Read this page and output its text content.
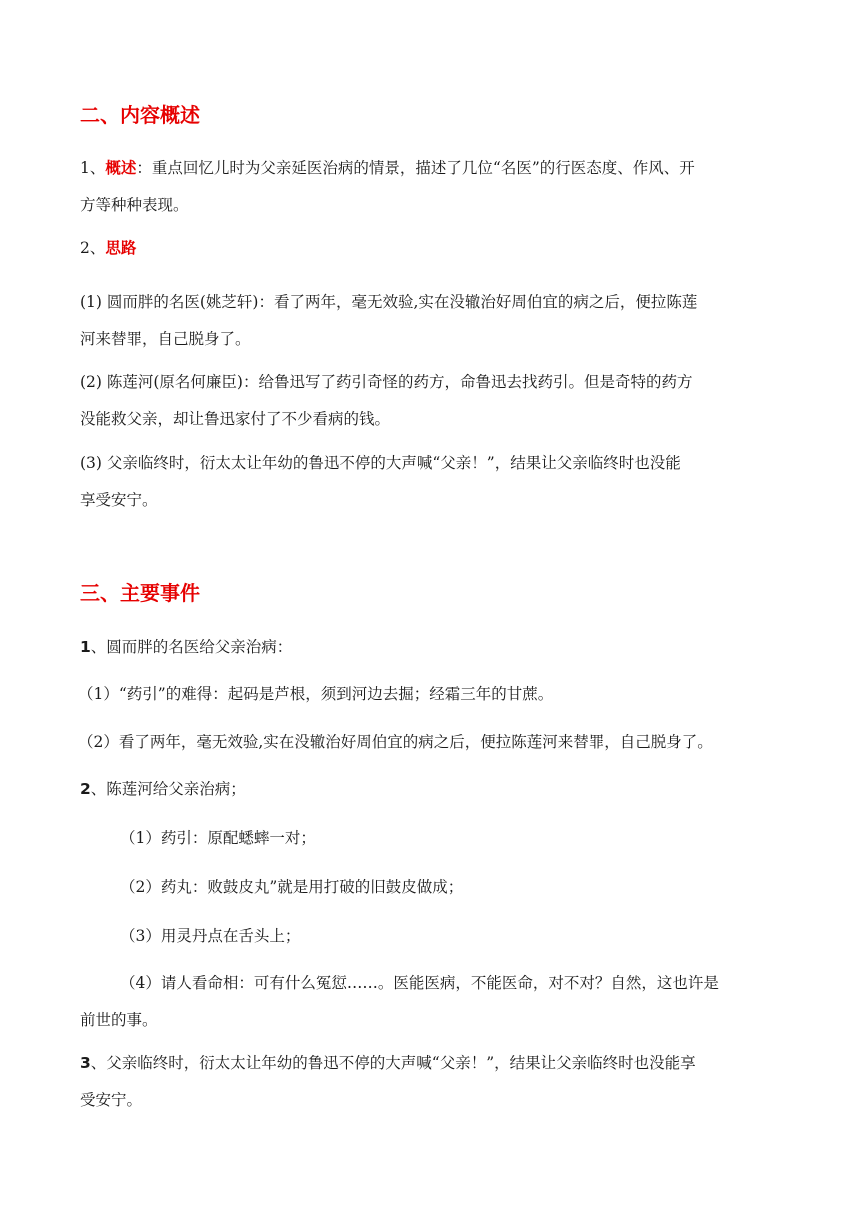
二、内容概述
1、概述：重点回忆儿时为父亲延医治病的情景，描述了几位“名医”的行医态度、作风、开
方等种种表现。
2、思路
(1) 圆而胖的名医(姚芝轩)：看了两年，毫无效验,实在没辙治好周伯宜的病之后，便拉陈莲
河来替罪，自己脱身了。
(2) 陈莲河(原名何廉臣)：给鲁迅写了药引奇怪的药方，命鲁迅去找药引。但是奇特的药方
没能救父亲，却让鲁迅家付了不少看病的钱。
(3) 父亲临终时，衍太太让年幼的鲁迅不停的大声喊“父亲！”，结果让父亲临终时也没能
享受安宁。
三、主要事件
1、圆而胖的名医给父亲治病：
（1）“药引”的难得：起码是芦根，须到河边去掘；经霜三年的甘蔗。
（2）看了两年，毫无效验,实在没辙治好周伯宜的病之后，便拉陈莲河来替罪，自己脱身了。
2、陈莲河给父亲治病；
（1）药引：原配蟋蟀一对；
（2）药丸：败鼓皮丸”就是用打破的旧鼓皮做成；
（3）用灵丹点在舌头上；
（4）请人看命相：可有什么冤愆……。医能医病，不能医命，对不对？自然，这也许是
前世的事。
3、父亲临终时，衍太太让年幼的鲁迅不停的大声喊“父亲！”，结果让父亲临终时也没能享
受安宁。
